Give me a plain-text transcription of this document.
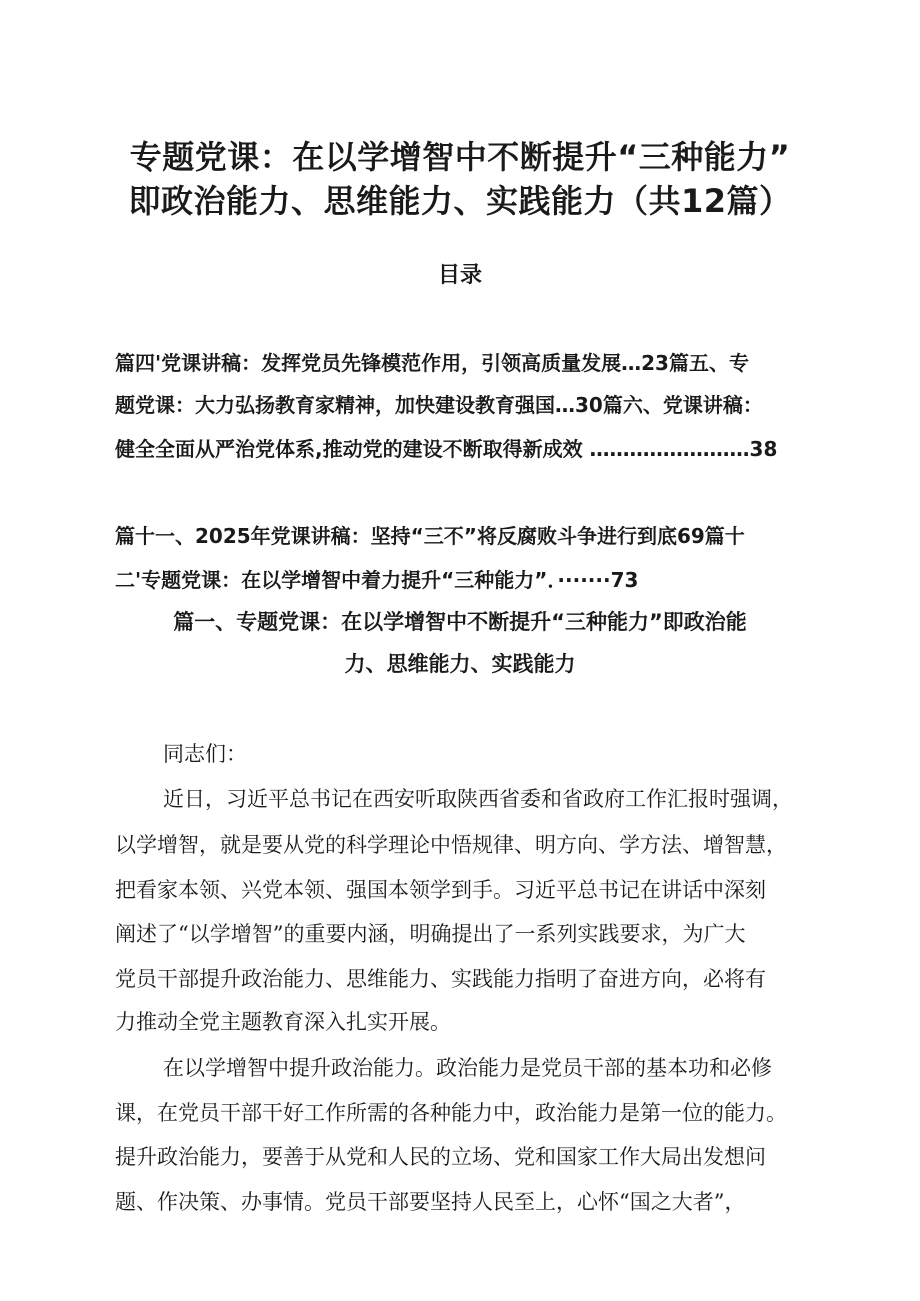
专题党课：在以学增智中不断提升“三种能力”
即政治能力、思维能力、实践能力（共12篇）
目录
篇四'党课讲稿：发挥党员先锋模范作用，引领高质量发展…23篇五、专
题党课：大力弘扬教育家精神，加快建设教育强国…30篇六、党课讲稿：
健全全面从严治党体系,推动党的建设不断取得新成效 ……………………38
篇十一、2025年党课讲稿：坚持“三不”将反腐败斗争进行到底69篇十
二'专题党课：在以学增智中着力提升“三种能力”．·······73
篇一、专题党课：在以学增智中不断提升“三种能力”即政治能
力、思维能力、实践能力
同志们：
近日，习近平总书记在西安听取陕西省委和省政府工作汇报时强调，
以学增智，就是要从党的科学理论中悟规律、明方向、学方法、增智慧，
把看家本领、兴党本领、强国本领学到手。习近平总书记在讲话中深刻
阐述了“以学增智”的重要内涵，明确提出了一系列实践要求，为广大
党员干部提升政治能力、思维能力、实践能力指明了奋进方向，必将有
力推动全党主题教育深入扎实开展。
在以学增智中提升政治能力。政治能力是党员干部的基本功和必修
课，在党员干部干好工作所需的各种能力中，政治能力是第一位的能力。
提升政治能力，要善于从党和人民的立场、党和国家工作大局出发想问
题、作决策、办事情。党员干部要坚持人民至上，心怀“国之大者”，
